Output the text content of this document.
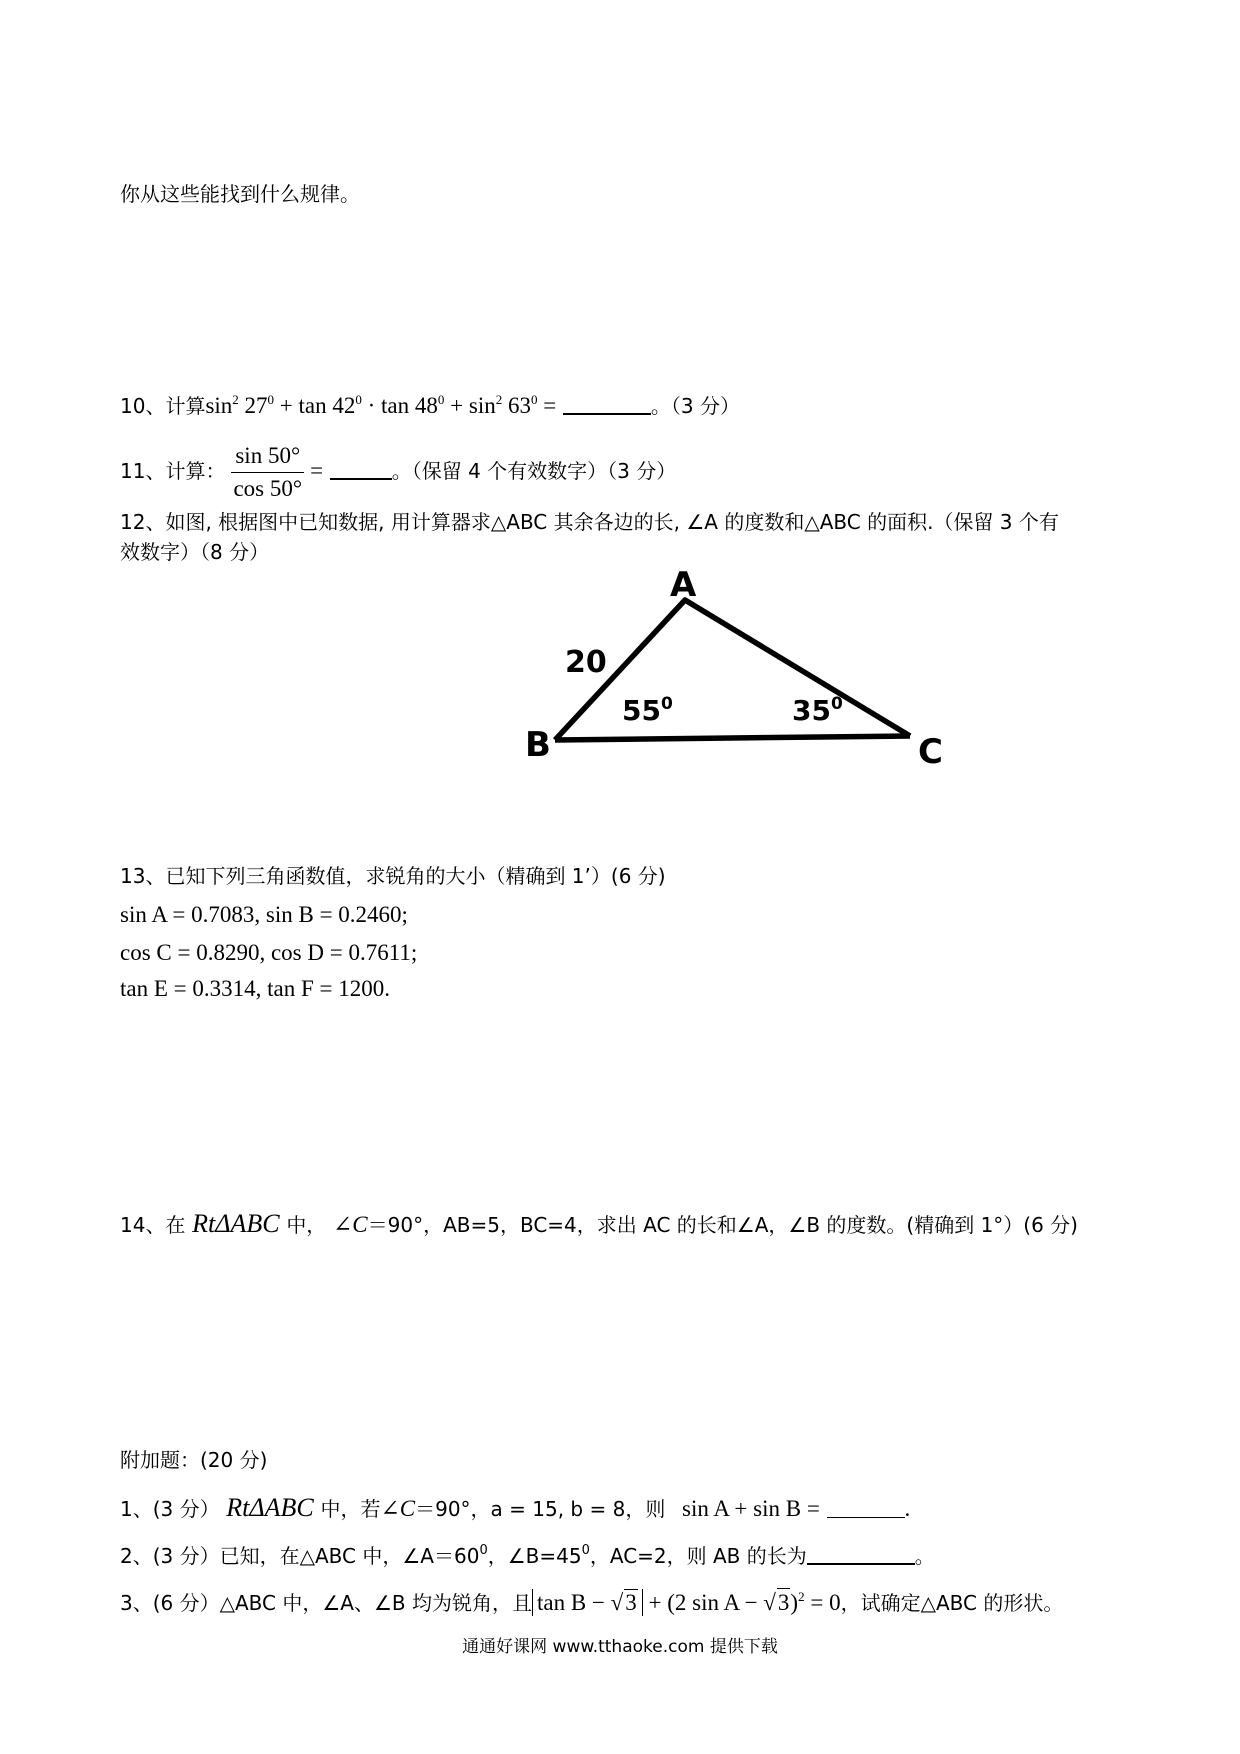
你从这些能找到什么规律。
10、计算$\sin^2 27^0 + \tan 42^0 \cdot \tan 48^0 + \sin^2 63^0$ =	。（3 分）
11、计算： $\frac{\sin 50^\circ}{\cos 50^\circ}$ =	。（保留 4 个有效数字）（3 分）
12、如图, 根据图中已知数据, 用计算器求△ABC 其余各边的长, ∠A 的度数和△ABC 的面积.（保留 3 个有
效数字）（8 分）
A
B	C
20
$55^0$	$35^0$
13、已知下列三角函数值，求锐角的大小（精确到 1’）(6 分)
sin A = 0.7083, sin B = 0.2460;
cos C = 0.8290, cos D = 0.7611;
tan E = 0.3314, tan F = 1200.
14、在 RtΔABC 中， ∠C＝90°，AB=5，BC=4，求出 AC 的长和∠A，∠B 的度数。(精确到 1°）(6 分)
附加题：(20 分)
1、(3 分） RtΔABC 中，若∠C＝90°，a = 15, b = 8，则 sin A + sin B =	.
2、(3 分）已知，在△ABC 中，$\angle A=60^0$，$\angle B=45^0$，AC=2，则 AB 的长为	。
3、(6 分）△ABC 中，∠A、∠B 均为锐角，且 tan B − √3 + (2 sin A − √3)$^2$ = 0，试确定△ABC 的形状。
通通好课网 www.tthaoke.com 提供下载
